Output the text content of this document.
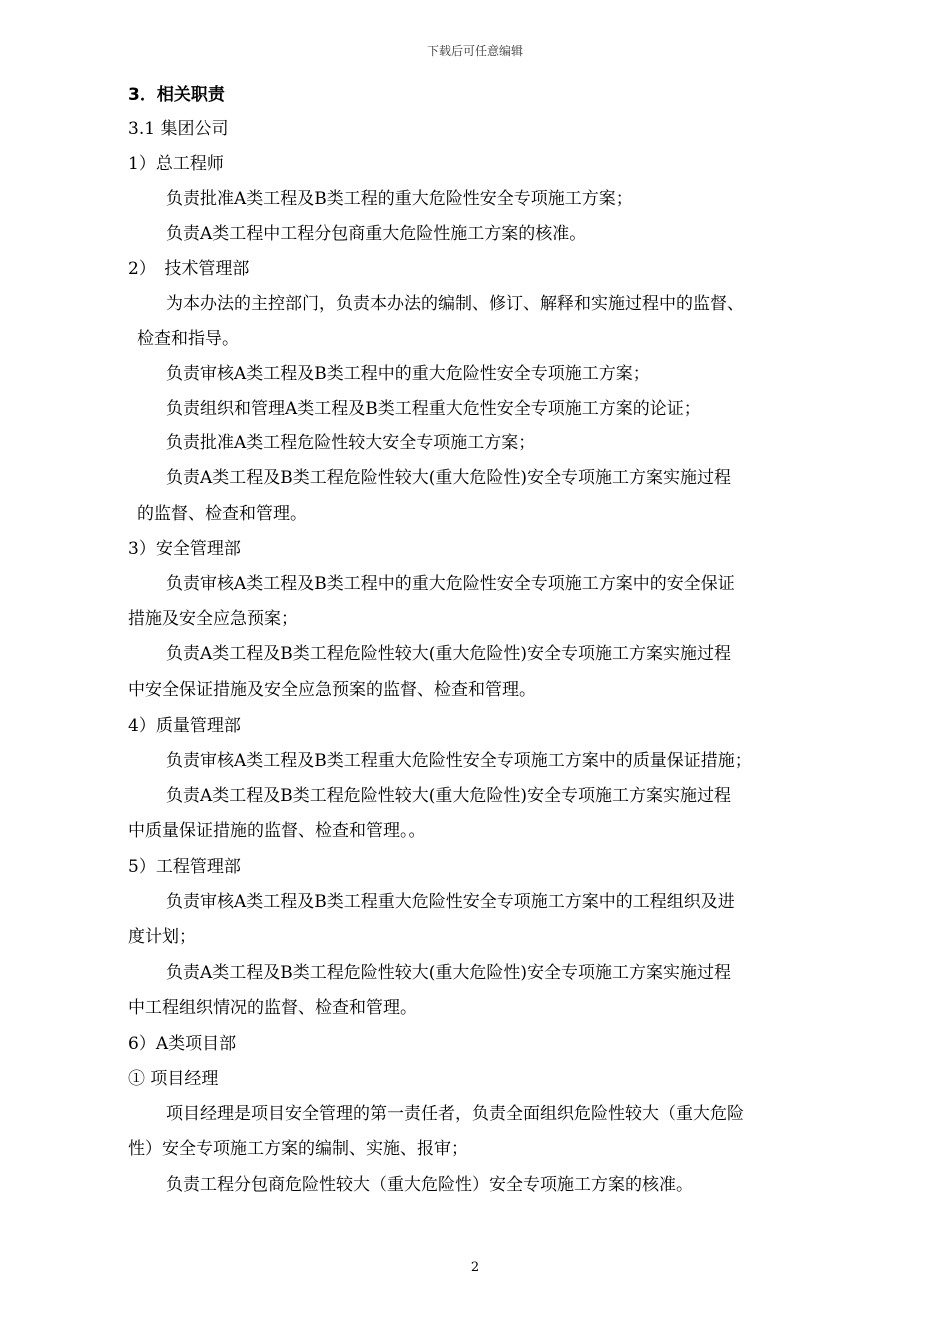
下载后可任意编辑
3．相关职责
3.1 集团公司
1）总工程师
负责批准A类工程及B类工程的重大危险性安全专项施工方案；
负责A类工程中工程分包商重大危险性施工方案的核准。
2）　技术管理部
为本办法的主控部门，负责本办法的编制、修订、解释和实施过程中的监督、
检查和指导。
负责审核A类工程及B类工程中的重大危险性安全专项施工方案；
负责组织和管理A类工程及B类工程重大危性安全专项施工方案的论证；
负责批准A类工程危险性较大安全专项施工方案；
负责A类工程及B类工程危险性较大(重大危险性)安全专项施工方案实施过程
的监督、检查和管理。
3）安全管理部
负责审核A类工程及B类工程中的重大危险性安全专项施工方案中的安全保证
措施及安全应急预案；
负责A类工程及B类工程危险性较大(重大危险性)安全专项施工方案实施过程
中安全保证措施及安全应急预案的监督、检查和管理。
4）质量管理部
负责审核A类工程及B类工程重大危险性安全专项施工方案中的质量保证措施；
负责A类工程及B类工程危险性较大(重大危险性)安全专项施工方案实施过程
中质量保证措施的监督、检查和管理。。
5）工程管理部
负责审核A类工程及B类工程重大危险性安全专项施工方案中的工程组织及进
度计划；
负责A类工程及B类工程危险性较大(重大危险性)安全专项施工方案实施过程
中工程组织情况的监督、检查和管理。
6）A类项目部
① 项目经理
项目经理是项目安全管理的第一责任者，负责全面组织危险性较大（重大危险
性）安全专项施工方案的编制、实施、报审；
负责工程分包商危险性较大（重大危险性）安全专项施工方案的核准。
2
